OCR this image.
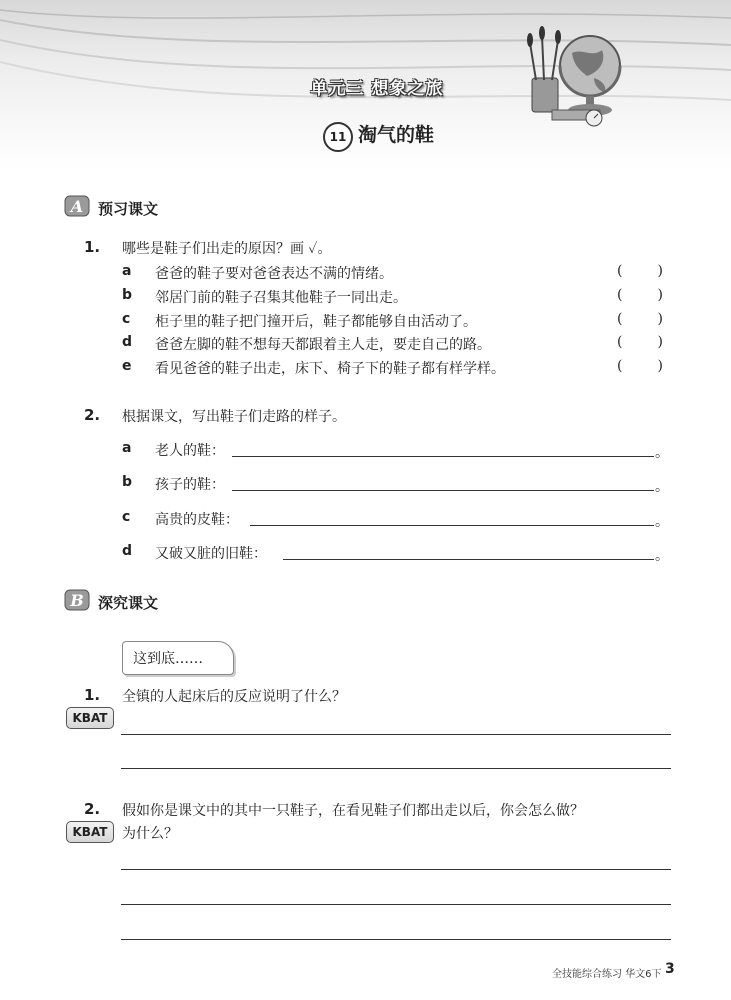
单元三 想象之旅
11 淘气的鞋
A 预习课文
1. 哪些是鞋子们出走的原因？画 ✓。
a 爸爸的鞋子要对爸爸表达不满的情绪。	(	)
b 邻居门前的鞋子召集其他鞋子一同出走。	(	)
c 柜子里的鞋子把门撞开后，鞋子都能够自由活动了。	(	)
d 爸爸左脚的鞋不想每天都跟着主人走，要走自己的路。	(	)
e 看见爸爸的鞋子出走，床下、椅子下的鞋子都有样学样。	(	)
2. 根据课文，写出鞋子们走路的样子。
a 老人的鞋：	。
b 孩子的鞋：	。
c 高贵的皮鞋：	。
d 又破又脏的旧鞋：	。
B 深究课文
这到底……
1. 全镇的人起床后的反应说明了什么？
KBAT
2. 假如你是课文中的其中一只鞋子，在看见鞋子们都出走以后，你会怎么做？
为什么？
KBAT
全技能综合练习 华文6下 3
